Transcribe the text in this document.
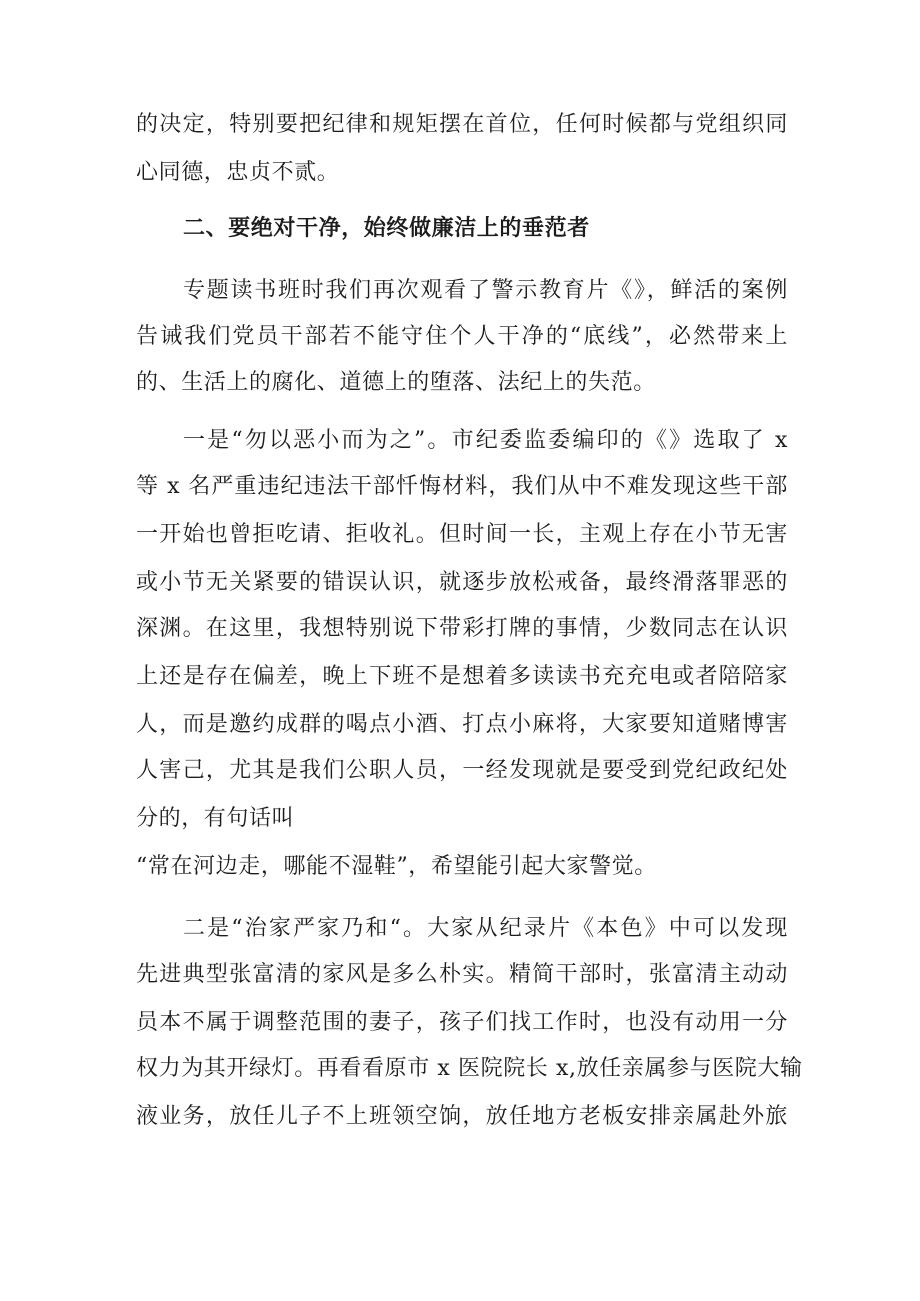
的决定，特别要把纪律和规矩摆在首位，任何时候都与党组织同

心同德，忠贞不贰。

二、要绝对干净，始终做廉洁上的垂范者

专题读书班时我们再次观看了警示教育片《》，鲜活的案例

告诫我们党员干部若不能守住个人干净的“底线”，必然带来上

的、生活上的腐化、道德上的堕落、法纪上的失范。

一是“勿以恶小而为之”。市纪委监委编印的《》选取了 x

等 x 名严重违纪违法干部忏悔材料，我们从中不难发现这些干部

一开始也曾拒吃请、拒收礼。但时间一长，主观上存在小节无害

或小节无关紧要的错误认识，就逐步放松戒备，最终滑落罪恶的

深渊。在这里，我想特别说下带彩打牌的事情，少数同志在认识

上还是存在偏差，晚上下班不是想着多读读书充充电或者陪陪家

人，而是邀约成群的喝点小酒、打点小麻将，大家要知道赌博害

人害己，尤其是我们公职人员，一经发现就是要受到党纪政纪处

分的，有句话叫

“常在河边走，哪能不湿鞋”，希望能引起大家警觉。

二是“治家严家乃和“。大家从纪录片《本色》中可以发现

先进典型张富清的家风是多么朴实。精简干部时，张富清主动动

员本不属于调整范围的妻子，孩子们找工作时，也没有动用一分

权力为其开绿灯。再看看原市 x 医院院长 x,放任亲属参与医院大输

液业务，放任儿子不上班领空饷，放任地方老板安排亲属赴外旅
